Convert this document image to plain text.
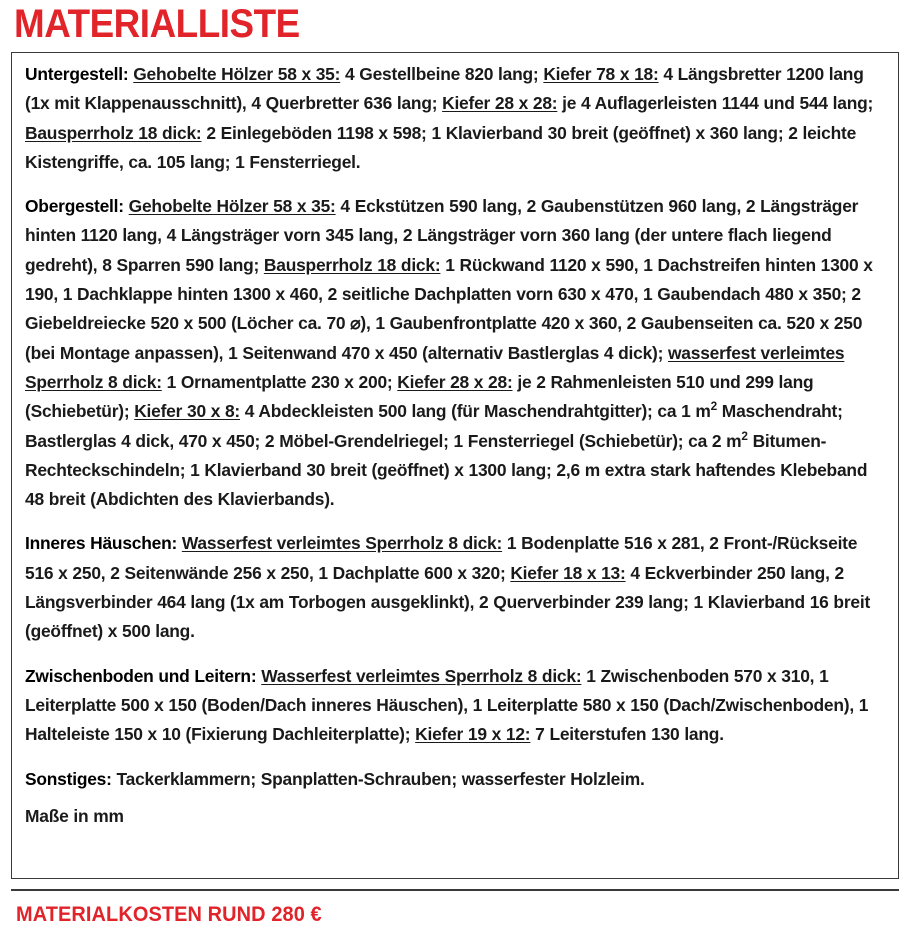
MATERIALLISTE

Untergestell: Gehobelte Hölzer 58 x 35: 4 Gestellbeine 820 lang; Kiefer 78 x 18: 4 Längsbretter 1200 lang (1x mit Klappenausschnitt), 4 Querbretter 636 lang; Kiefer 28 x 28: je 4 Auflagerleisten 1144 und 544 lang; Bausperrholz 18 dick: 2 Einlegeböden 1198 x 598; 1 Klavierband 30 breit (geöffnet) x 360 lang; 2 leichte Kistengriffe, ca. 105 lang; 1 Fensterriegel.

Obergestell: Gehobelte Hölzer 58 x 35: 4 Eckstützen 590 lang, 2 Gaubenstützen 960 lang, 2 Längsträger hinten 1120 lang, 4 Längsträger vorn 345 lang, 2 Längsträger vorn 360 lang (der untere flach liegend gedreht), 8 Sparren 590 lang; Bausperrholz 18 dick: 1 Rückwand 1120 x 590, 1 Dachstreifen hinten 1300 x 190, 1 Dachklappe hinten 1300 x 460, 2 seitliche Dachplatten vorn 630 x 470, 1 Gaubendach 480 x 350; 2 Giebeldreiecke 520 x 500 (Löcher ca. 70 ⌀), 1 Gaubenfrontplatte 420 x 360, 2 Gaubenseiten ca. 520 x 250 (bei Montage anpassen), 1 Seitenwand 470 x 450 (alternativ Bastlerglas 4 dick); wasserfest verleimtes Sperrholz 8 dick: 1 Ornamentplatte 230 x 200; Kiefer 28 x 28: je 2 Rahmenleisten 510 und 299 lang (Schiebetür); Kiefer 30 x 8: 4 Abdeckleisten 500 lang (für Maschendrahtgitter); ca 1 $m^2$ Maschendraht; Bastlerglas 4 dick, 470 x 450; 2 Möbel-Grendelriegel; 1 Fensterriegel (Schiebetür); ca 2 $m^2$ Bitumen-Rechteckschindeln; 1 Klavierband 30 breit (geöffnet) x 1300 lang; 2,6 m extra stark haftendes Klebeband 48 breit (Abdichten des Klavierbands).

Inneres Häuschen: Wasserfest verleimtes Sperrholz 8 dick: 1 Bodenplatte 516 x 281, 2 Front-/Rückseite 516 x 250, 2 Seitenwände 256 x 250, 1 Dachplatte 600 x 320; Kiefer 18 x 13: 4 Eckverbinder 250 lang, 2 Längsverbinder 464 lang (1x am Torbogen ausgeklinkt), 2 Querverbinder 239 lang; 1 Klavierband 16 breit (geöffnet) x 500 lang.

Zwischenboden und Leitern: Wasserfest verleimtes Sperrholz 8 dick: 1 Zwischenboden 570 x 310, 1 Leiterplatte 500 x 150 (Boden/Dach inneres Häuschen), 1 Leiterplatte 580 x 150 (Dach/Zwischenboden), 1 Halteleiste 150 x 10 (Fixierung Dachleiterplatte); Kiefer 19 x 12: 7 Leiterstufen 130 lang.

Sonstiges: Tackerklammern; Spanplatten-Schrauben; wasserfester Holzleim.

Maße in mm

MATERIALKOSTEN RUND 280 €
